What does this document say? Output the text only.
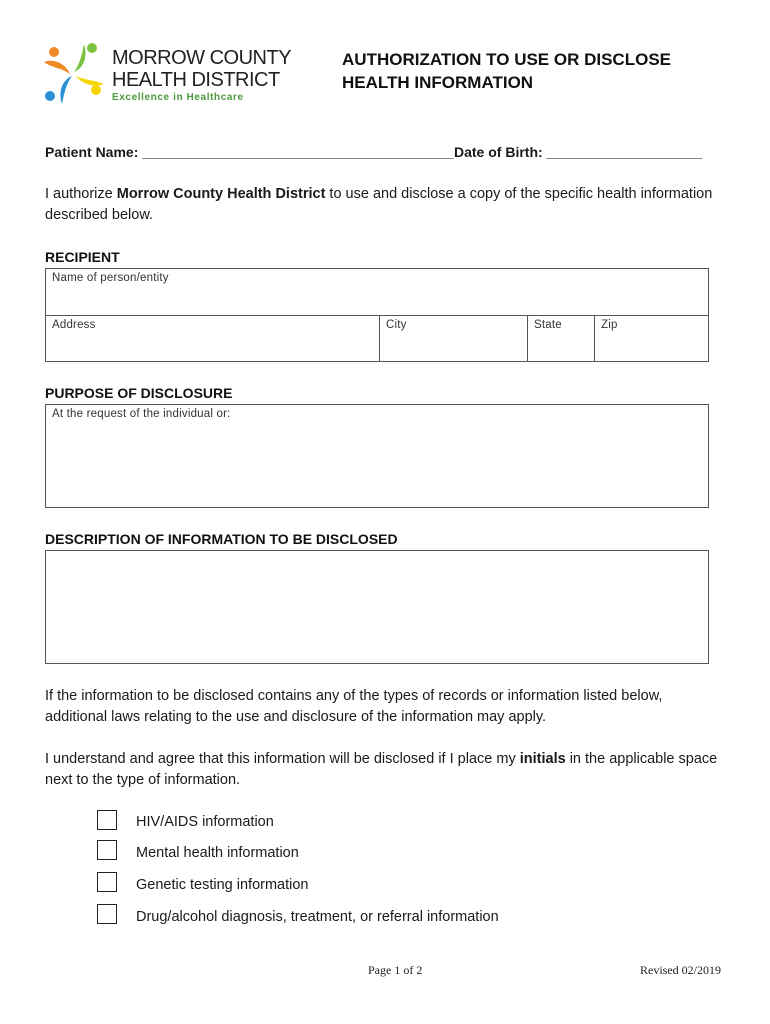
MORROW COUNTY
HEALTH DISTRICT
Excellence in Healthcare
AUTHORIZATION TO USE OR DISCLOSE
HEALTH INFORMATION
Patient Name: ________________________________________ Date of Birth: ____________________
I authorize Morrow County Health District to use and disclose a copy of the specific health information described below.
RECIPIENT
Name of person/entity
Address	City	State	Zip
PURPOSE OF DISCLOSURE
At the request of the individual or:
DESCRIPTION OF INFORMATION TO BE DISCLOSED
If the information to be disclosed contains any of the types of records or information listed below, additional laws relating to the use and disclosure of the information may apply.
I understand and agree that this information will be disclosed if I place my initials in the applicable space next to the type of information.
HIV/AIDS information
Mental health information
Genetic testing information
Drug/alcohol diagnosis, treatment, or referral information
Page 1 of 2	Revised 02/2019
